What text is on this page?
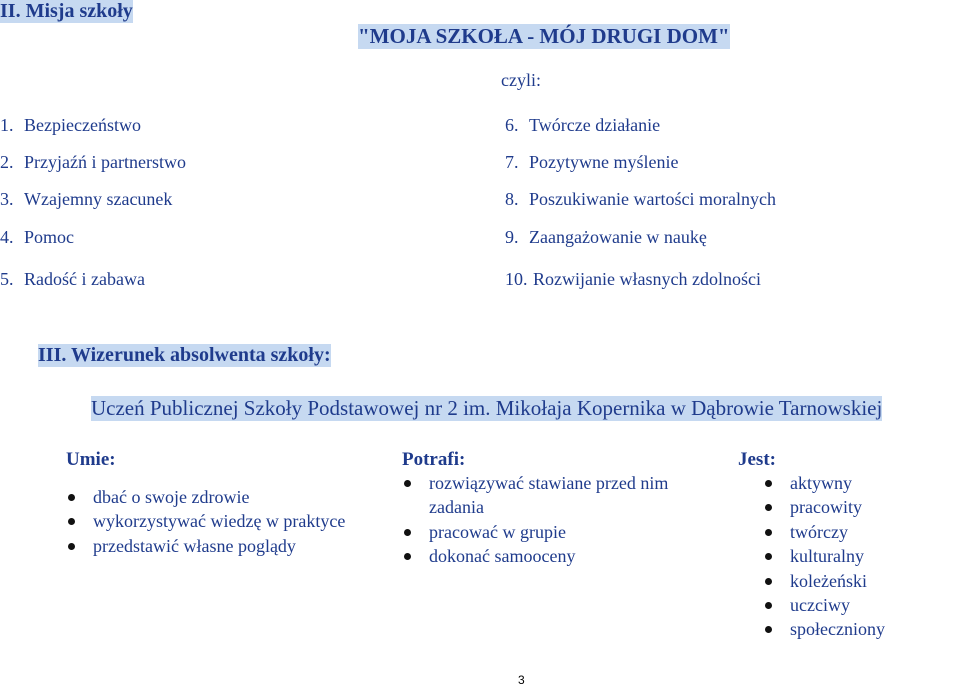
II. Misja szkoły
"MOJA SZKOŁA - MÓJ DRUGI DOM"
czyli:
1. Bezpieczeństwo
2. Przyjaźń i partnerstwo
3. Wzajemny szacunek
4. Pomoc
5. Radość i zabawa
6. Twórcze działanie
7. Pozytywne myślenie
8. Poszukiwanie wartości moralnych
9. Zaangażowanie w naukę
10. Rozwijanie własnych zdolności
III. Wizerunek absolwenta szkoły:
Uczeń Publicznej Szkoły Podstawowej nr 2 im. Mikołaja Kopernika w Dąbrowie Tarnowskiej
Umie:
dbać o swoje zdrowie
wykorzystywać wiedzę w praktyce
przedstawić własne poglądy
Potrafi:
rozwiązywać stawiane przed nim
zadania
pracować w grupie
dokonać samooceny
Jest:
aktywny
pracowity
twórczy
kulturalny
koleżeński
uczciwy
społeczniony
3
